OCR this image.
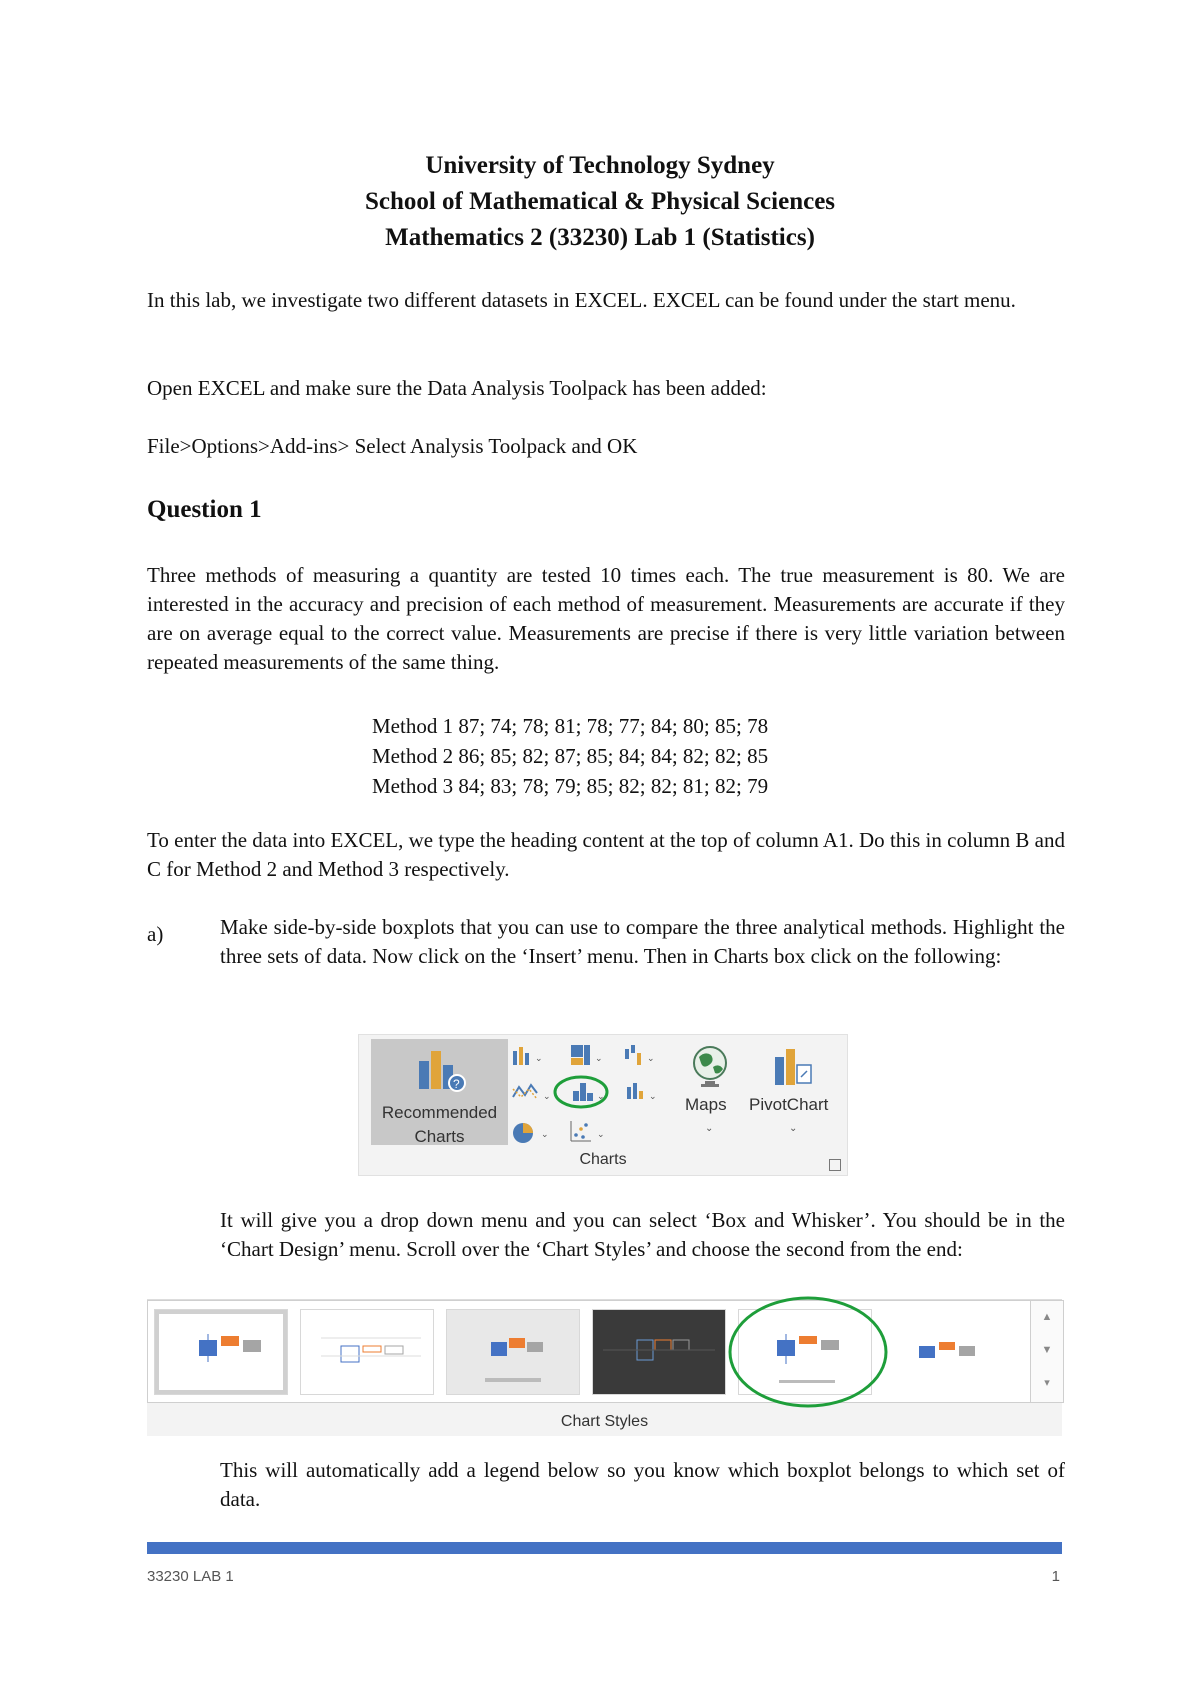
University of Technology Sydney
School of Mathematical & Physical Sciences
Mathematics 2 (33230) Lab 1 (Statistics)
In this lab, we investigate two different datasets in EXCEL. EXCEL can be found under the start menu.
Open EXCEL and make sure the Data Analysis Toolpack has been added:
File>Options>Add-ins> Select Analysis Toolpack and OK
Question 1
Three methods of measuring a quantity are tested 10 times each. The true measurement is 80. We are interested in the accuracy and precision of each method of measurement. Measurements are accurate if they are on average equal to the correct value. Measurements are precise if there is very little variation between repeated measurements of the same thing.
Method 1 87; 74; 78; 81; 78; 77; 84; 80; 85; 78
Method 2 86; 85; 82; 87; 85; 84; 84; 82; 82; 85
Method 3 84; 83; 78; 79; 85; 82; 82; 81; 82; 79
To enter the data into EXCEL, we type the heading content at the top of column A1. Do this in column B and C for Method 2 and Method 3 respectively.
a)	Make side-by-side boxplots that you can use to compare the three analytical methods. Highlight the three sets of data. Now click on the ‘Insert’ menu. Then in Charts box click on the following:
?
Recommended
Charts
⌄	⌄	⌄
⌄	⌄	⌄
⌄	⌄
Maps
⌄
PivotChart
⌄
Charts
It will give you a drop down menu and you can select ‘Box and Whisker’. You should be in the ‘Chart Design’ menu. Scroll over the ‘Chart Styles’ and choose the second from the end:
▲
▼
▾
Chart Styles
This will automatically add a legend below so you know which boxplot belongs to which set of data.
33230 LAB 1	1
